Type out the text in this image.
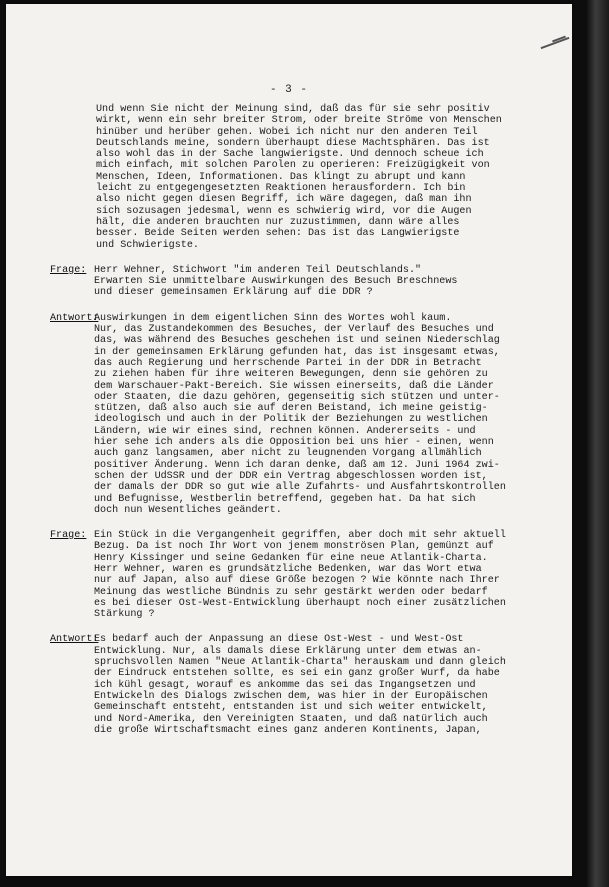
- 3 -
Und wenn Sie nicht der Meinung sind, daß das für sie sehr positiv
wirkt, wenn ein sehr breiter Strom, oder breite Ströme von Menschen
hinüber und herüber gehen. Wobei ich nicht nur den anderen Teil
Deutschlands meine, sondern überhaupt diese Machtsphären. Das ist
also wohl das in der Sache langwierigste. Und dennoch scheue ich
mich einfach, mit solchen Parolen zu operieren: Freizügigkeit von
Menschen, Ideen, Informationen. Das klingt zu abrupt und kann
leicht zu entgegengesetzten Reaktionen herausfordern. Ich bin
also nicht gegen diesen Begriff, ich wäre dagegen, daß man ihn
sich sozusagen jedesmal, wenn es schwierig wird, vor die Augen
hält, die anderen brauchten nur zuzustimmen, dann wäre alles
besser. Beide Seiten werden sehen: Das ist das Langwierigste
und Schwierigste.
Frage: Herr Wehner, Stichwort "im anderen Teil Deutschlands."
Erwarten Sie unmittelbare Auswirkungen des Besuch Breschnews
und dieser gemeinsamen Erklärung auf die DDR ?
Antwort:
Auswirkungen in dem eigentlichen Sinn des Wortes wohl kaum.
Nur, das Zustandekommen des Besuches, der Verlauf des Besuches und
das, was während des Besuches geschehen ist und seinen Niederschlag
in der gemeinsamen Erklärung gefunden hat, das ist insgesamt etwas,
das auch Regierung und herrschende Partei in der DDR in Betracht
zu ziehen haben für ihre weiteren Bewegungen, denn sie gehören zu
dem Warschauer-Pakt-Bereich. Sie wissen einerseits, daß die Länder
oder Staaten, die dazu gehören, gegenseitig sich stützen und unter-
stützen, daß also auch sie auf deren Beistand, ich meine geistig-
ideologisch und auch in der Politik der Beziehungen zu westlichen
Ländern, wie wir eines sind, rechnen können. Andererseits - und
hier sehe ich anders als die Opposition bei uns hier - einen, wenn
auch ganz langsamen, aber nicht zu leugnenden Vorgang allmählich
positiver Änderung. Wenn ich daran denke, daß am 12. Juni 1964 zwi-
schen der UdSSR und der DDR ein Vertrag abgeschlossen worden ist,
der damals der DDR so gut wie alle Zufahrts- und Ausfahrtskontrollen
und Befugnisse, Westberlin betreffend, gegeben hat. Da hat sich
doch nun Wesentliches geändert.
Frage: Ein Stück in die Vergangenheit gegriffen, aber doch mit sehr aktuell
Bezug. Da ist noch Ihr Wort von jenem monströsen Plan, gemünzt auf
Henry Kissinger und seine Gedanken für eine neue Atlantik-Charta.
Herr Wehner, waren es grundsätzliche Bedenken, war das Wort etwa
nur auf Japan, also auf diese Größe bezogen ? Wie könnte nach Ihrer
Meinung das westliche Bündnis zu sehr gestärkt werden oder bedarf
es bei dieser Ost-West-Entwicklung überhaupt noch einer zusätzlichen
Stärkung ?
Antwort:
Es bedarf auch der Anpassung an diese Ost-West - und West-Ost
Entwicklung. Nur, als damals diese Erklärung unter dem etwas an-
spruchsvollen Namen "Neue Atlantik-Charta" herauskam und dann gleich
der Eindruck entstehen sollte, es sei ein ganz großer Wurf, da habe
ich kühl gesagt, worauf es ankomme das sei das Ingangsetzen und
Entwickeln des Dialogs zwischen dem, was hier in der Europäischen
Gemeinschaft entsteht, entstanden ist und sich weiter entwickelt,
und Nord-Amerika, den Vereinigten Staaten, und daß natürlich auch
die große Wirtschaftsmacht eines ganz anderen Kontinents, Japan,
